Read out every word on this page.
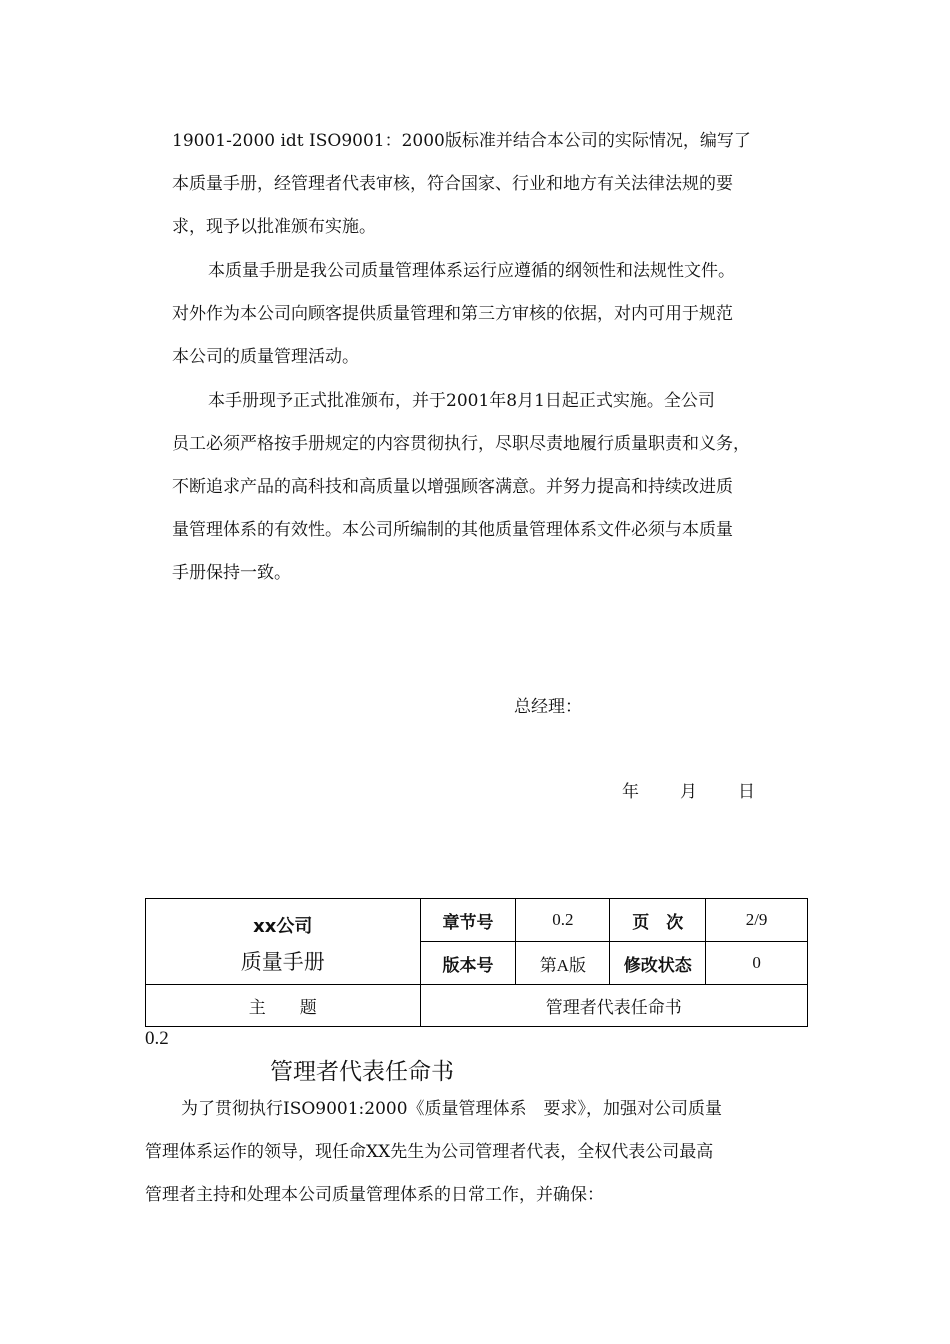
19001-2000 idt ISO9001：2000版标准并结合本公司的实际情况，编写了
本质量手册，经管理者代表审核，符合国家、行业和地方有关法律法规的要
求，现予以批准颁布实施。
本质量手册是我公司质量管理体系运行应遵循的纲领性和法规性文件。
对外作为本公司向顾客提供质量管理和第三方审核的依据，对内可用于规范
本公司的质量管理活动。
本手册现予正式批准颁布，并于2001年8月1日起正式实施。全公司
员工必须严格按手册规定的内容贯彻执行，尽职尽责地履行质量职责和义务，
不断追求产品的高科技和高质量以增强顾客满意。并努力提高和持续改进质
量管理体系的有效性。本公司所编制的其他质量管理体系文件必须与本质量
手册保持一致。
总经理：
年 月 日
xx公司
质量手册	章节号	0.2	页　次	2/9
	版本号	第A版	修改状态	0
主　　题	管理者代表任命书			
0.2
管理者代表任命书
为了贯彻执行ISO9001:2000《质量管理体系　要求》，加强对公司质量
管理体系运作的领导，现任命XX先生为公司管理者代表，全权代表公司最高
管理者主持和处理本公司质量管理体系的日常工作，并确保：
